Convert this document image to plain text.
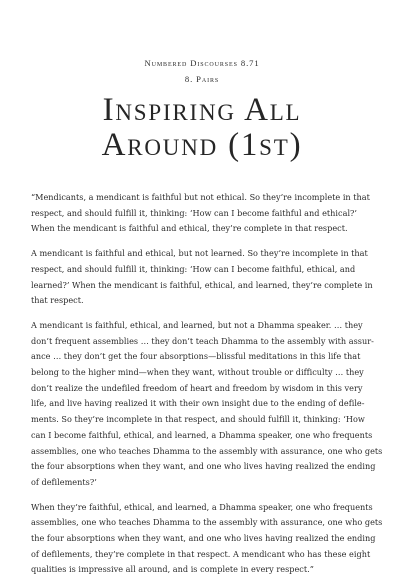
Numbered Discourses 8.71
8. Pairs
Inspiring All
Around (1st)

“Mendicants, a mendicant is faithful but not ethical. So they’re incomplete in that
respect, and should fulfill it, thinking: ‘How can I become faithful and ethical?’
When the mendicant is faithful and ethical, they’re complete in that respect.

A mendicant is faithful and ethical, but not learned. So they’re incomplete in that
respect, and should fulfill it, thinking: ‘How can I become faithful, ethical, and
learned?’ When the mendicant is faithful, ethical, and learned, they’re complete in
that respect.

A mendicant is faithful, ethical, and learned, but not a Dhamma speaker. … they
don’t frequent assemblies … they don’t teach Dhamma to the assembly with assur-
ance … they don’t get the four absorptions—blissful meditations in this life that
belong to the higher mind—when they want, without trouble or difficulty … they
don’t realize the undefiled freedom of heart and freedom by wisdom in this very
life, and live having realized it with their own insight due to the ending of defile-
ments. So they’re incomplete in that respect, and should fulfill it, thinking: ‘How
can I become faithful, ethical, and learned, a Dhamma speaker, one who frequents
assemblies, one who teaches Dhamma to the assembly with assurance, one who gets
the four absorptions when they want, and one who lives having realized the ending
of defilements?’

When they’re faithful, ethical, and learned, a Dhamma speaker, one who frequents
assemblies, one who teaches Dhamma to the assembly with assurance, one who gets
the four absorptions when they want, and one who lives having realized the ending
of defilements, they’re complete in that respect. A mendicant who has these eight
qualities is impressive all around, and is complete in every respect.”
